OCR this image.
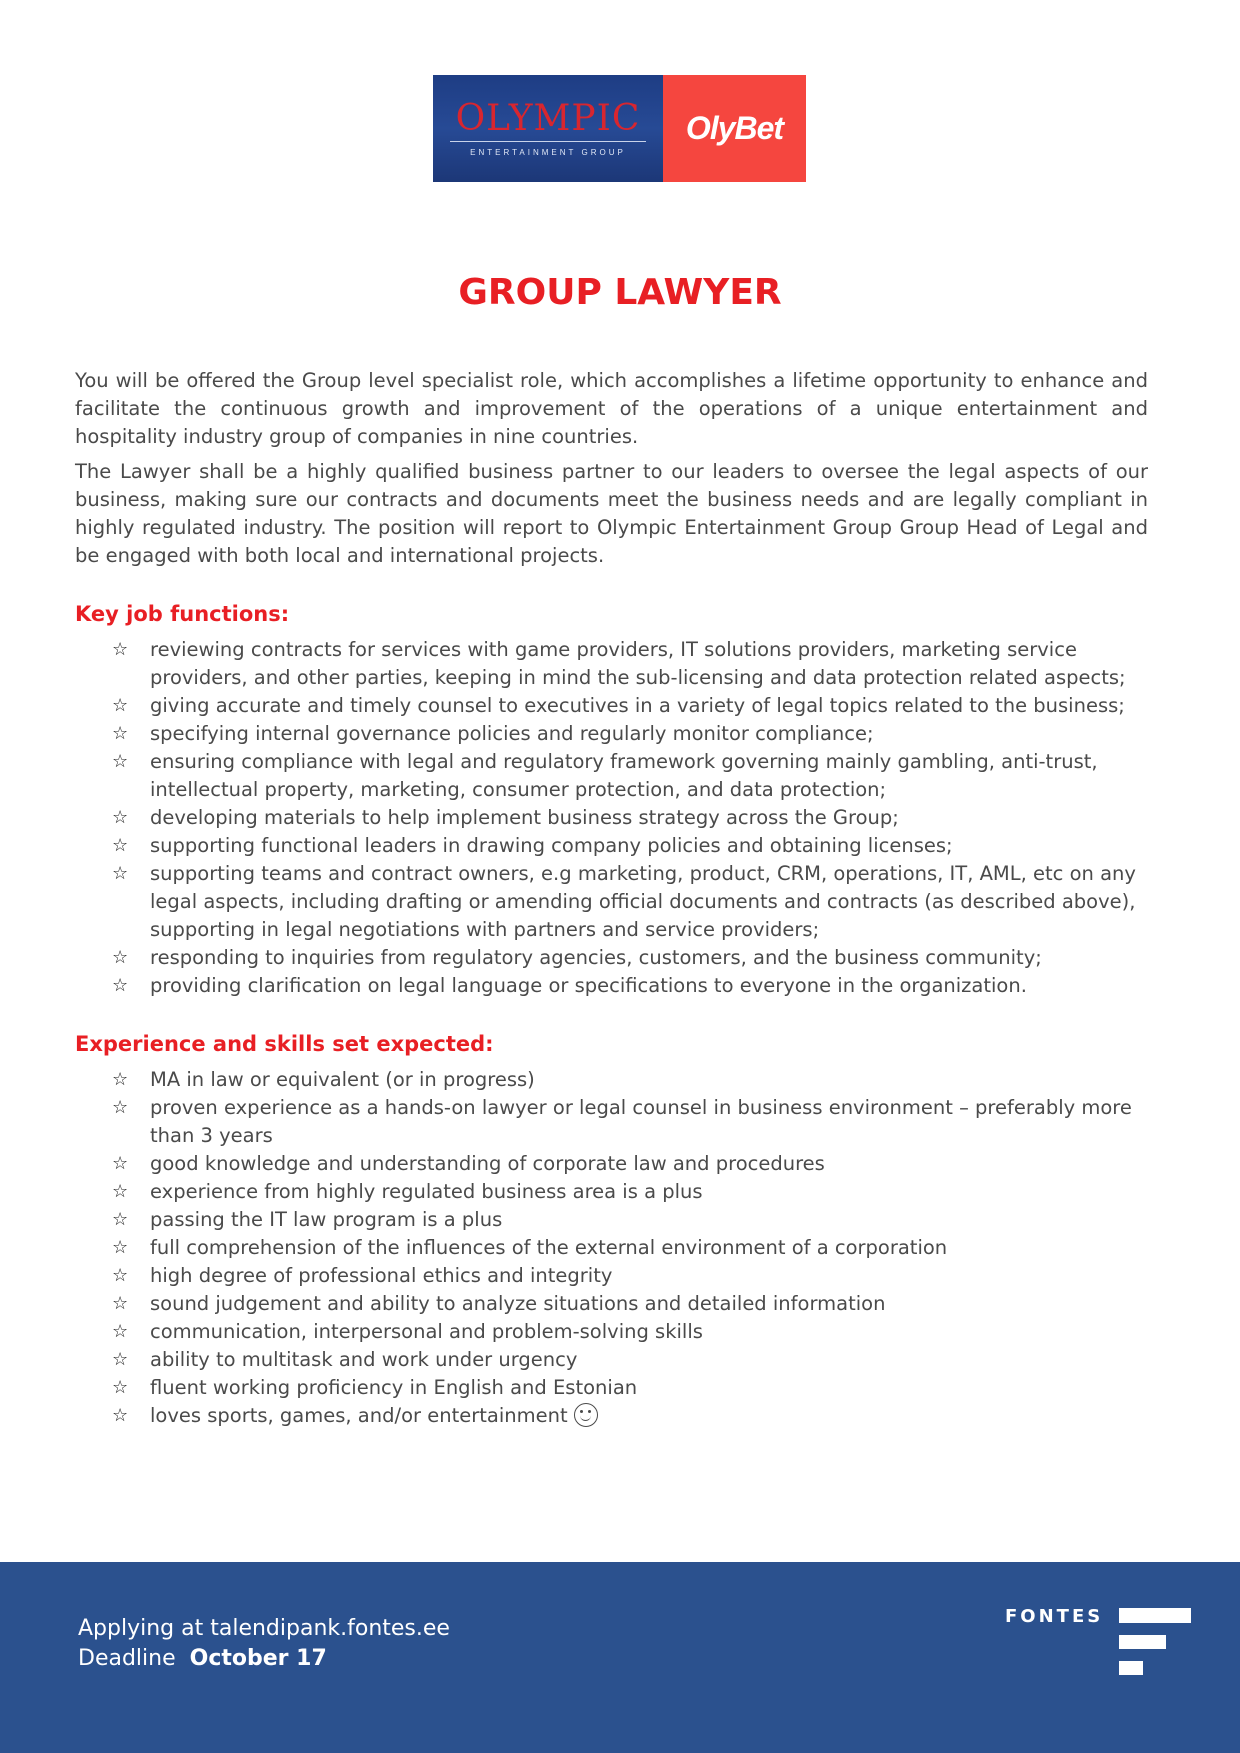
OLYMPIC
ENTERTAINMENT GROUP
OlyBet
GROUP LAWYER

You will be offered the Group level specialist role, which accomplishes a lifetime opportunity to enhance and facilitate the continuous growth and improvement of the operations of a unique entertainment and hospitality industry group of companies in nine countries.

The Lawyer shall be a highly qualified business partner to our leaders to oversee the legal aspects of our business, making sure our contracts and documents meet the business needs and are legally compliant in highly regulated industry. The position will report to Olympic Entertainment Group Group Head of Legal and be engaged with both local and international projects.

Key job functions:
☆ reviewing contracts for services with game providers, IT solutions providers, marketing service providers, and other parties, keeping in mind the sub-licensing and data protection related aspects;
☆ giving accurate and timely counsel to executives in a variety of legal topics related to the business;
☆ specifying internal governance policies and regularly monitor compliance;
☆ ensuring compliance with legal and regulatory framework governing mainly gambling, anti-trust, intellectual property, marketing, consumer protection, and data protection;
☆ developing materials to help implement business strategy across the Group;
☆ supporting functional leaders in drawing company policies and obtaining licenses;
☆ supporting teams and contract owners, e.g marketing, product, CRM, operations, IT, AML, etc on any legal aspects, including drafting or amending official documents and contracts (as described above), supporting in legal negotiations with partners and service providers;
☆ responding to inquiries from regulatory agencies, customers, and the business community;
☆ providing clarification on legal language or specifications to everyone in the organization.
Experience and skills set expected:
☆ MA in law or equivalent (or in progress)
☆ proven experience as a hands-on lawyer or legal counsel in business environment – preferably more than 3 years
☆ good knowledge and understanding of corporate law and procedures
☆ experience from highly regulated business area is a plus
☆ passing the IT law program is a plus
☆ full comprehension of the influences of the external environment of a corporation
☆ high degree of professional ethics and integrity
☆ sound judgement and ability to analyze situations and detailed information
☆ communication, interpersonal and problem-solving skills
☆ ability to multitask and work under urgency
☆ fluent working proficiency in English and Estonian
☆ loves sports, games, and/or entertainment
Applying at talendipank.fontes.ee
Deadline October 17
FONTES
